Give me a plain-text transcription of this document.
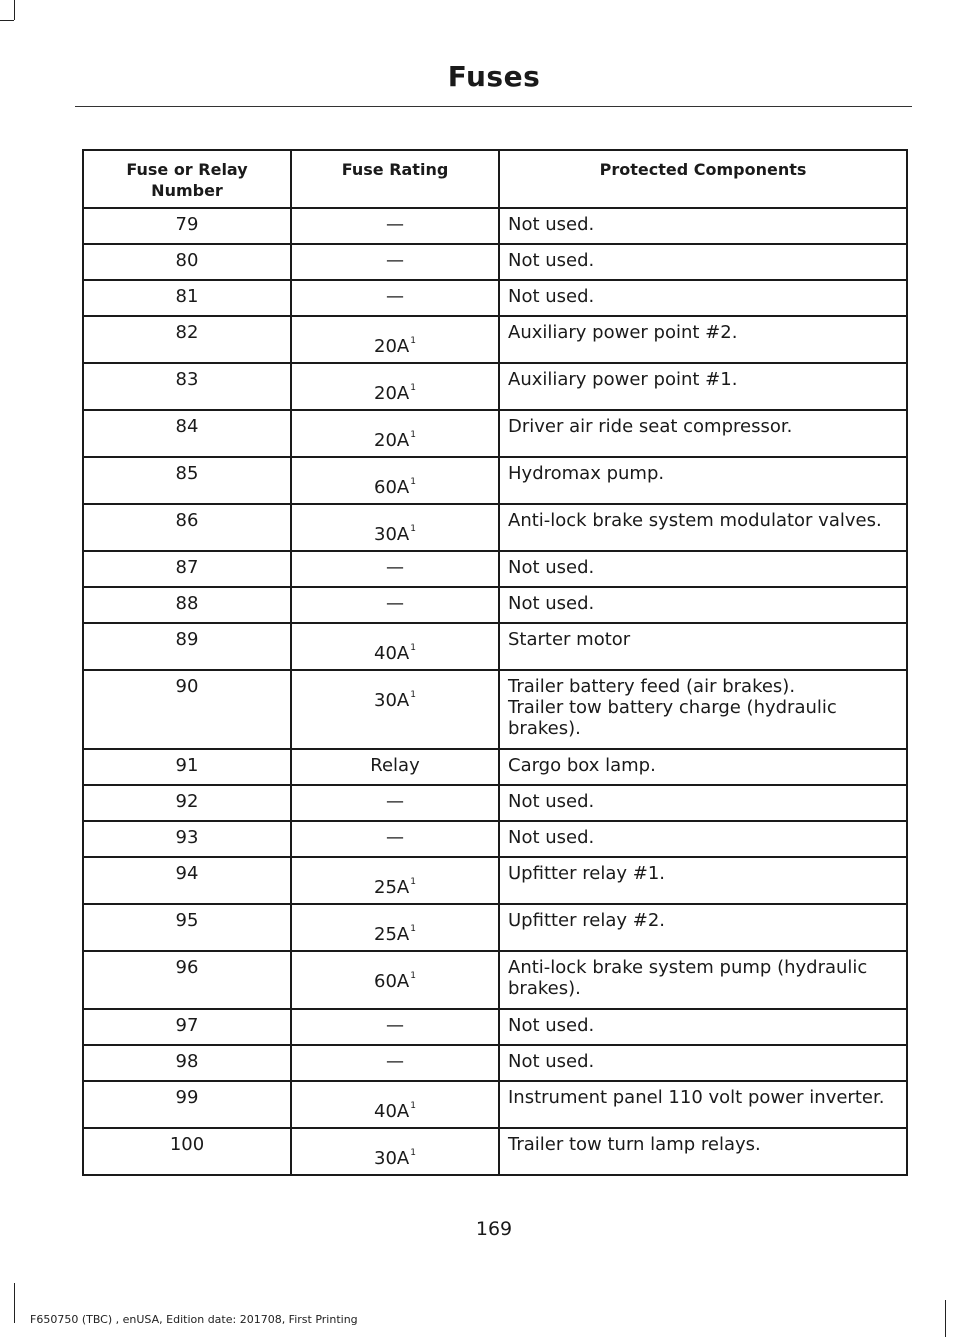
Fuses
Fuse or Relay Number	Fuse Rating	Protected Components
79	—	Not used.

80	—	Not used.

81	—	Not used.

82	$20A^1$	Auxiliary power point #2.

83	$20A^1$	Auxiliary power point #1.

84	$20A^1$	Driver air ride seat compressor.

85	$60A^1$	Hydromax pump.

86	$30A^1$	Anti-lock brake system modulator valves.

87	—	Not used.

88	—	Not used.

89	$40A^1$	Starter motor

90	$30A^1$	Trailer battery feed (air brakes).
Trailer tow battery charge (hydraulic brakes).

91	Relay	Cargo box lamp.

92	—	Not used.

93	—	Not used.

94	$25A^1$	Upfitter relay #1.

95	$25A^1$	Upfitter relay #2.

96	$60A^1$	Anti-lock brake system pump (hydraulic brakes).

97	—	Not used.

98	—	Not used.

99	$40A^1$	Instrument panel 110 volt power inverter.

100	$30A^1$	Trailer tow turn lamp relays.
169
F650750 (TBC) , enUSA, Edition date: 201708, First Printing
